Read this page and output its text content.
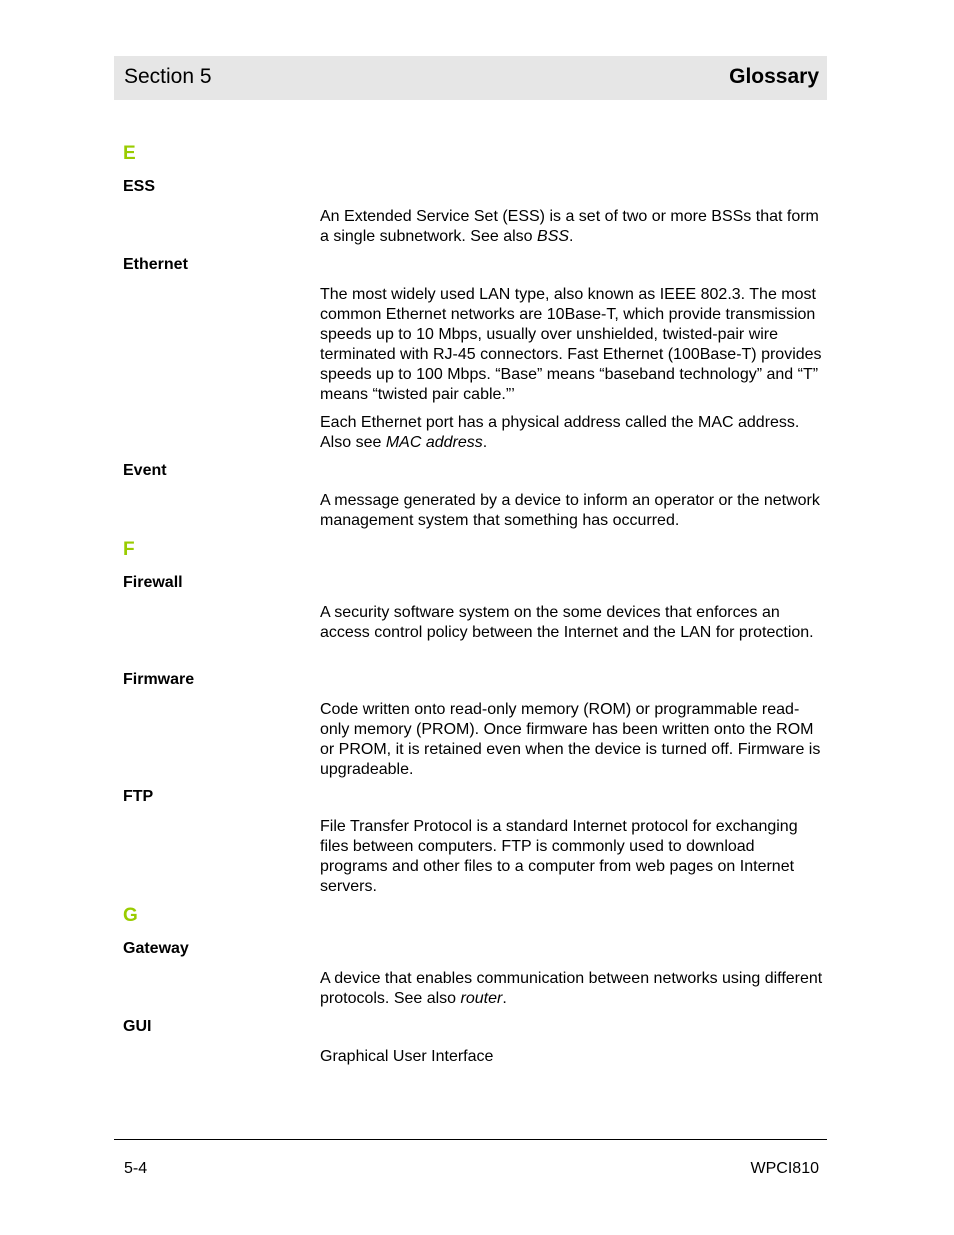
Section 5	Glossary
E
ESS

An Extended Service Set (ESS) is a set of two or more BSSs that form a single subnetwork. See also BSS.

Ethernet

The most widely used LAN type, also known as IEEE 802.3. The most common Ethernet networks are 10Base-T, which provide transmission speeds up to 10 Mbps, usually over unshielded, twisted-pair wire terminated with RJ-45 connectors. Fast Ethernet (100Base-T) provides speeds up to 100 Mbps. “Base” means “baseband technology” and “T” means “twisted pair cable.”’

Each Ethernet port has a physical address called the MAC address. Also see MAC address.

Event

A message generated by a device to inform an operator or the network management system that something has occurred.

F
Firewall

A security software system on the some devices that enforces an access control policy between the Internet and the LAN for protection.

Firmware

Code written onto read-only memory (ROM) or programmable read-only memory (PROM). Once firmware has been written onto the ROM or PROM, it is retained even when the device is turned off. Firmware is upgradeable.

FTP

File Transfer Protocol is a standard Internet protocol for exchanging files between computers. FTP is commonly used to download programs and other files to a computer from web pages on Internet servers.

G
Gateway

A device that enables communication between networks using different protocols. See also router.

GUI

Graphical User Interface

5-4	WPCI810
